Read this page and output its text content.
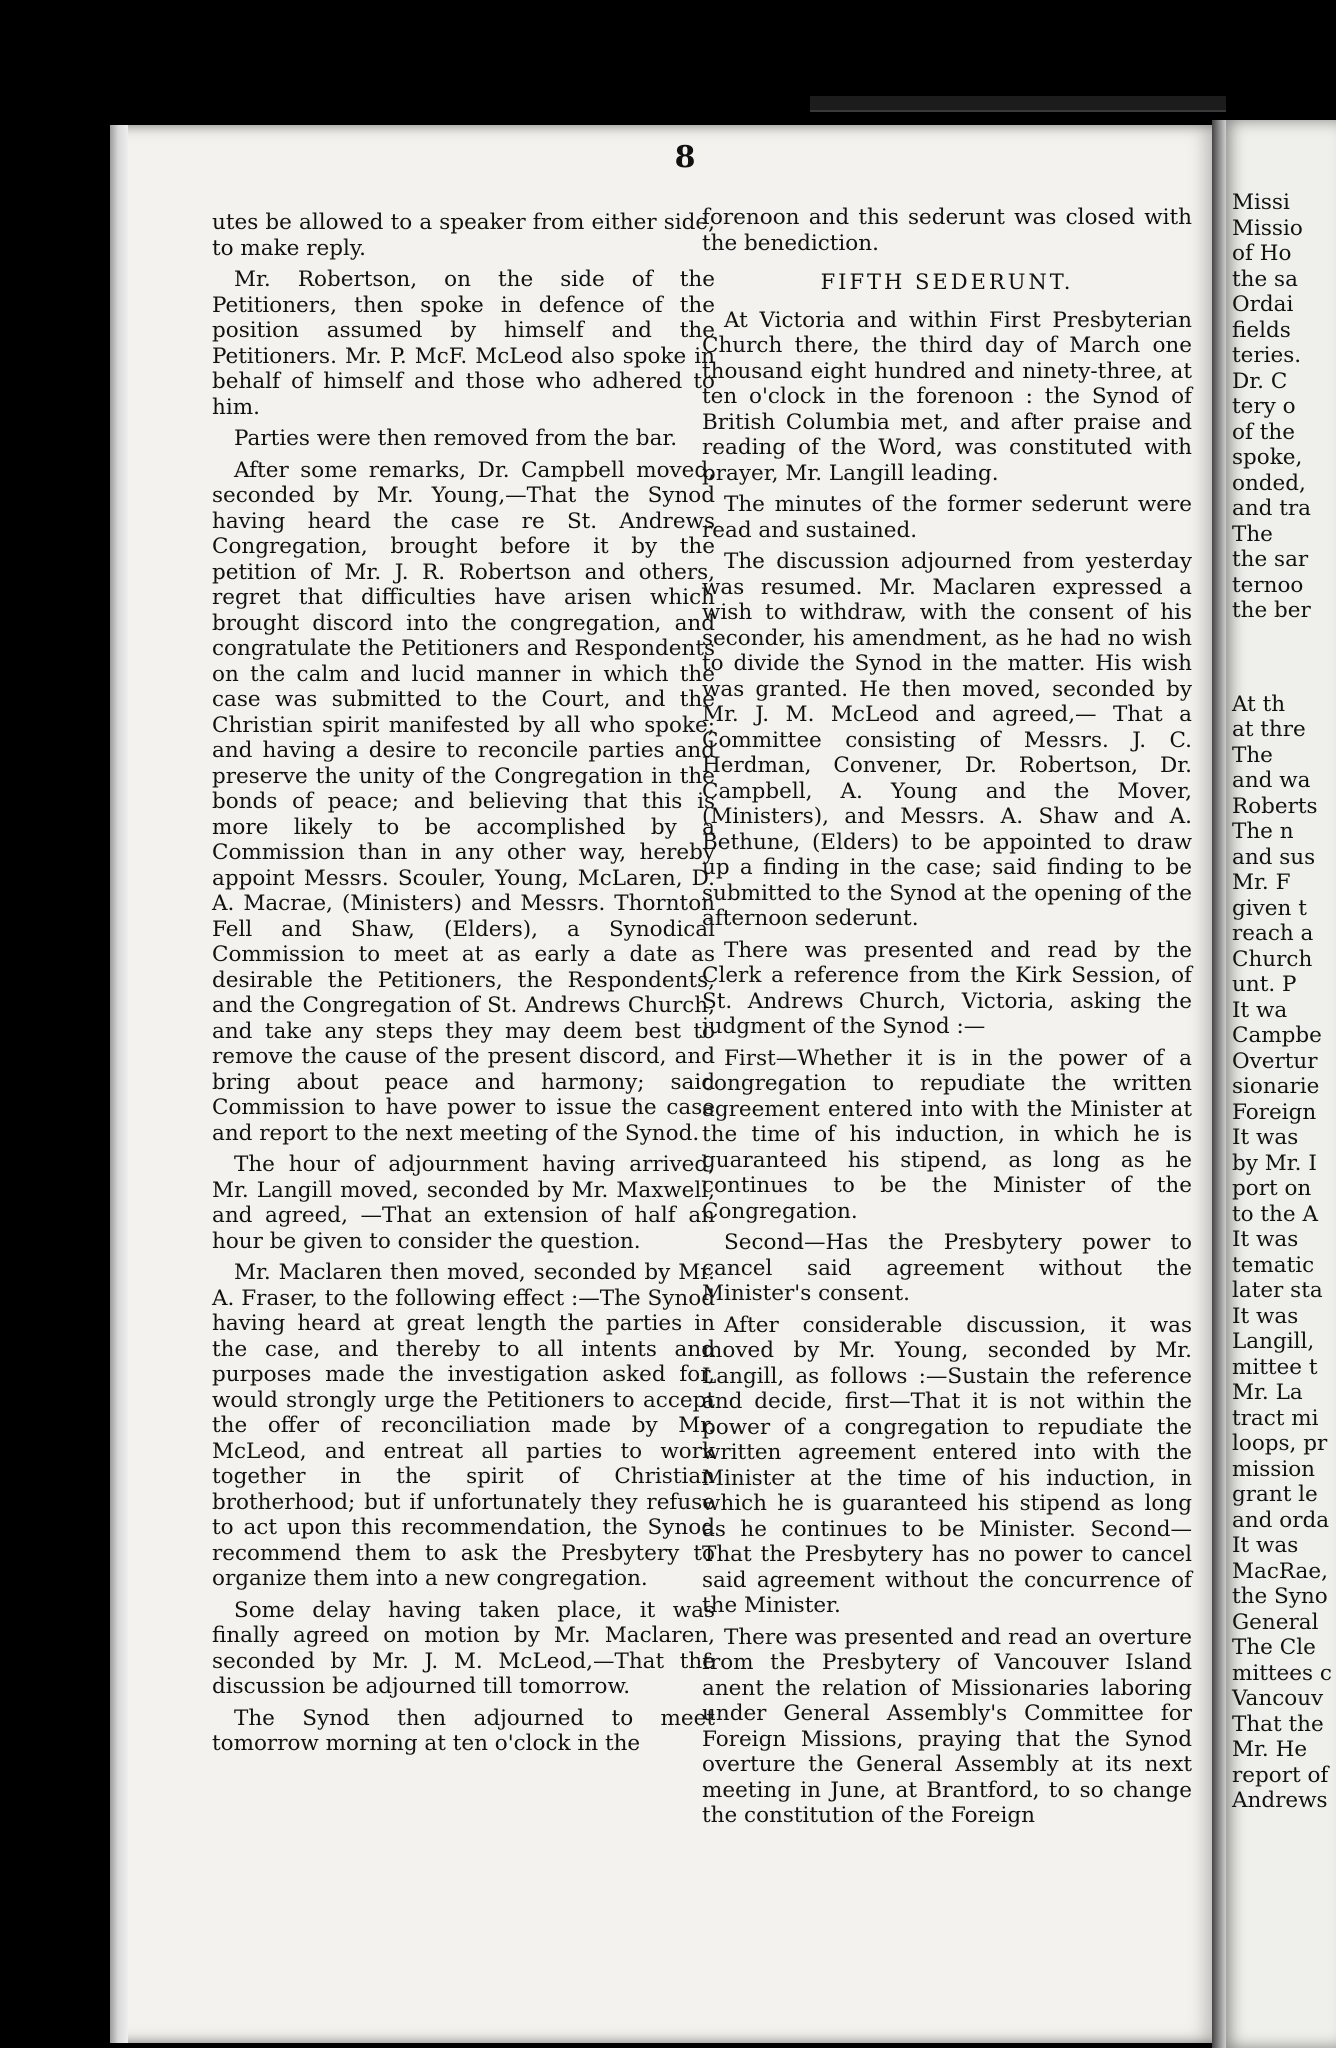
8

utes be allowed to a speaker from either side, to make reply.

Mr. Robertson, on the side of the Petitioners, then spoke in defence of the position assumed by himself and the Petitioners. Mr. P. McF. McLeod also spoke in behalf of himself and those who adhered to him.

Parties were then removed from the bar.

After some remarks, Dr. Campbell moved, seconded by Mr. Young,—That the Synod having heard the case re St. Andrews Congregation, brought before it by the petition of Mr. J. R. Robertson and others, regret that difficulties have arisen which brought discord into the congregation, and congratulate the Petitioners and Respondents on the calm and lucid manner in which the case was submitted to the Court, and the Christian spirit manifested by all who spoke; and having a desire to reconcile parties and preserve the unity of the Congregation in the bonds of peace; and believing that this is more likely to be accomplished by a Commission than in any other way, hereby appoint Messrs. Scouler, Young, McLaren, D. A. Macrae, (Ministers) and Messrs. Thornton Fell and Shaw, (Elders), a Synodical Commission to meet at as early a date as desirable the Petitioners, the Respondents, and the Congregation of St. Andrews Church, and take any steps they may deem best to remove the cause of the present discord, and bring about peace and harmony; said Commission to have power to issue the case and report to the next meeting of the Synod.

The hour of adjournment having arrived, Mr. Langill moved, seconded by Mr. Maxwell, and agreed, —That an extension of half an hour be given to consider the question.

Mr. Maclaren then moved, seconded by Mr. A. Fraser, to the following effect :—The Synod having heard at great length the parties in the case, and thereby to all intents and purposes made the investigation asked for, would strongly urge the Petitioners to accept the offer of reconciliation made by Mr. McLeod, and entreat all parties to work together in the spirit of Christian brotherhood; but if unfortunately they refuse to act upon this recommendation, the Synod recommend them to ask the Presbytery to organize them into a new congregation.

Some delay having taken place, it was finally agreed on motion by Mr. Maclaren, seconded by Mr. J. M. McLeod,—That the discussion be adjourned till tomorrow.

The Synod then adjourned to meet tomorrow morning at ten o'clock in the

forenoon and this sederunt was closed with the benediction.

FIFTH SEDERUNT.

At Victoria and within First Presbyterian Church there, the third day of March one thousand eight hundred and ninety-three, at ten o'clock in the forenoon : the Synod of British Columbia met, and after praise and reading of the Word, was constituted with prayer, Mr. Langill leading.

The minutes of the former sederunt were read and sustained.

The discussion adjourned from yesterday was resumed. Mr. Maclaren expressed a wish to withdraw, with the consent of his seconder, his amendment, as he had no wish to divide the Synod in the matter. His wish was granted. He then moved, seconded by Mr. J. M. McLeod and agreed,— That a Committee consisting of Messrs. J. C. Herdman, Convener, Dr. Robertson, Dr. Campbell, A. Young and the Mover, (Ministers), and Messrs. A. Shaw and A. Bethune, (Elders) to be appointed to draw up a finding in the case; said finding to be submitted to the Synod at the opening of the afternoon sederunt.

There was presented and read by the Clerk a reference from the Kirk Session, of St. Andrews Church, Victoria, asking the judgment of the Synod :—

First—Whether it is in the power of a congregation to repudiate the written agreement entered into with the Minister at the time of his induction, in which he is guaranteed his stipend, as long as he continues to be the Minister of the Congregation.

Second—Has the Presbytery power to cancel said agreement without the Minister's consent.

After considerable discussion, it was moved by Mr. Young, seconded by Mr. Langill, as follows :—Sustain the reference and decide, first—That it is not within the power of a congregation to repudiate the written agreement entered into with the Minister at the time of his induction, in which he is guaranteed his stipend as long as he continues to be Minister. Second—That the Presbytery has no power to cancel said agreement without the concurrence of the Minister.

There was presented and read an overture from the Presbytery of Vancouver Island anent the relation of Missionaries laboring under General Assembly's Committee for Foreign Missions, praying that the Synod overture the General Assembly at its next meeting in June, at Brantford, to so change the constitution of the Foreign

Missi
Missio
of Ho
the sa
Ordai
fields
teries.
Dr. C
tery o
of the
spoke,
onded,
and tra
The
the sar
ternoo
the ber
At th
at thre
The
and wa
Roberts
The n
and sus
Mr. F
given t
reach a
Church
unt. P
It wa
Campbe
Overtur
sionarie
Foreign
It was
by Mr. I
port on
to the A
It was
tematic
later sta
It was
Langill,
mittee t
Mr. La
tract mi
loops, pr
mission
grant le
and orda
It was
MacRae,
the Syno
General
The Cle
mittees c
Vancouv
That the
Mr. He
report of
Andrews
